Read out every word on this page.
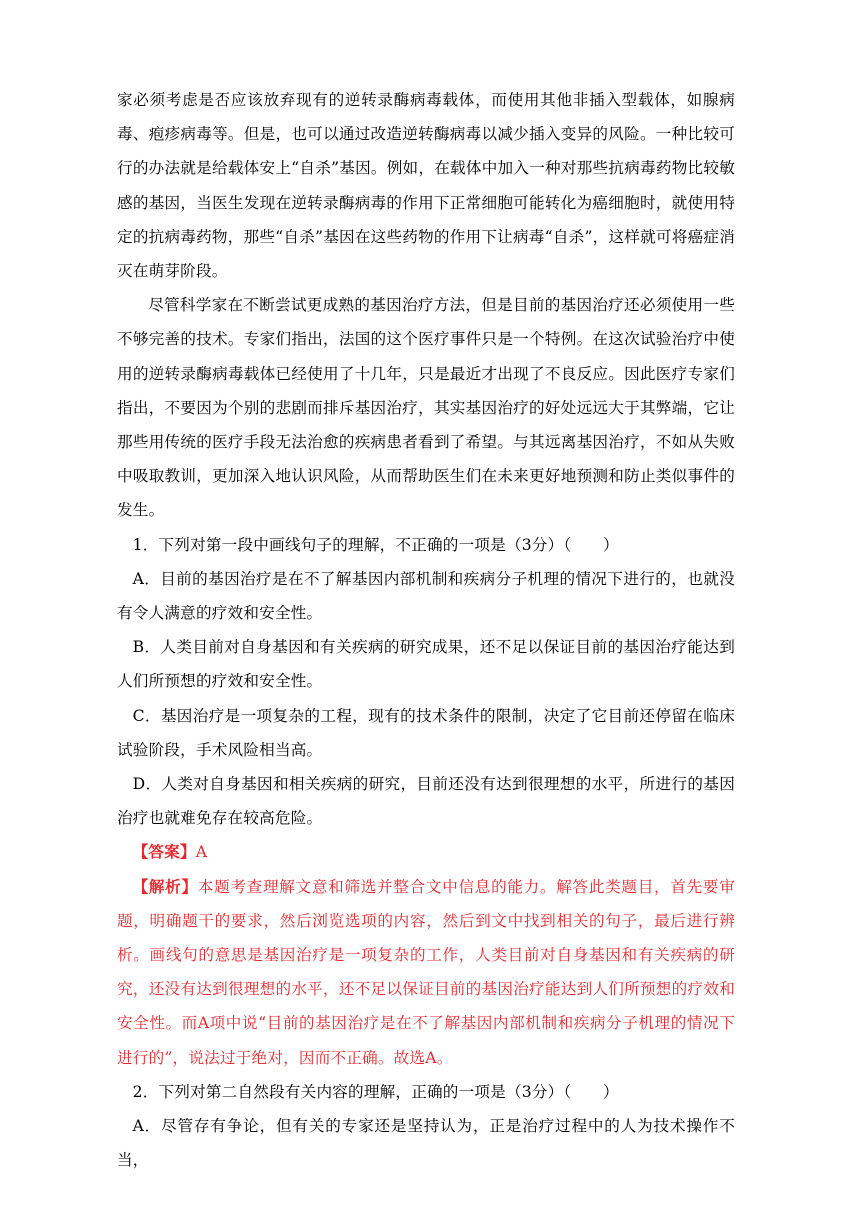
家必须考虑是否应该放弃现有的逆转录酶病毒载体，而使用其他非插入型载体，如腺病毒、疱疹病毒等。但是，也可以通过改造逆转酶病毒以减少插入变异的风险。一种比较可行的办法就是给载体安上“自杀”基因。例如，在载体中加入一种对那些抗病毒药物比较敏感的基因，当医生发现在逆转录酶病毒的作用下正常细胞可能转化为癌细胞时，就使用特定的抗病毒药物，那些“自杀”基因在这些药物的作用下让病毒“自杀”，这样就可将癌症消灭在萌芽阶段。

尽管科学家在不断尝试更成熟的基因治疗方法，但是目前的基因治疗还必须使用一些不够完善的技术。专家们指出，法国的这个医疗事件只是一个特例。在这次试验治疗中使用的逆转录酶病毒载体已经使用了十几年，只是最近才出现了不良反应。因此医疗专家们指出，不要因为个别的悲剧而排斥基因治疗，其实基因治疗的好处远远大于其弊端，它让那些用传统的医疗手段无法治愈的疾病患者看到了希望。与其远离基因治疗，不如从失败中吸取教训，更加深入地认识风险，从而帮助医生们在未来更好地预测和防止类似事件的发生。

1．下列对第一段中画线句子的理解，不正确的一项是（3分）（　　）

A．目前的基因治疗是在不了解基因内部机制和疾病分子机理的情况下进行的，也就没有令人满意的疗效和安全性。

B．人类目前对自身基因和有关疾病的研究成果，还不足以保证目前的基因治疗能达到人们所预想的疗效和安全性。

C．基因治疗是一项复杂的工程，现有的技术条件的限制，决定了它目前还停留在临床试验阶段，手术风险相当高。

D．人类对自身基因和相关疾病的研究，目前还没有达到很理想的水平，所进行的基因治疗也就难免存在较高危险。

【答案】A

【解析】本题考查理解文意和筛选并整合文中信息的能力。解答此类题目，首先要审题，明确题干的要求，然后浏览选项的内容，然后到文中找到相关的句子，最后进行辨析。画线句的意思是基因治疗是一项复杂的工作，人类目前对自身基因和有关疾病的研究，还没有达到很理想的水平，还不足以保证目前的基因治疗能达到人们所预想的疗效和安全性。而A项中说“目前的基因治疗是在不了解基因内部机制和疾病分子机理的情况下进行的”，说法过于绝对，因而不正确。故选A。

2．下列对第二自然段有关内容的理解，正确的一项是（3分）（　　）

A．尽管存有争论，但有关的专家还是坚持认为，正是治疗过程中的人为技术操作不当，
